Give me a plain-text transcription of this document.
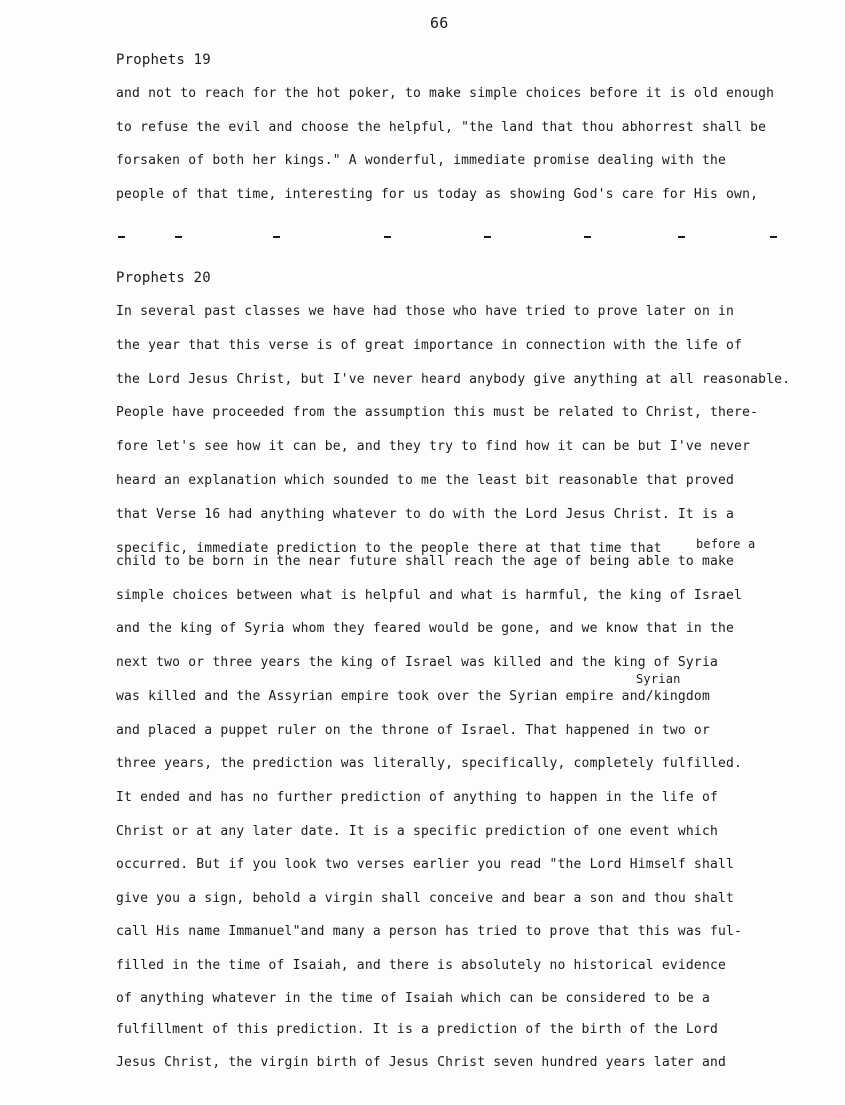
66
Prophets 19
and not to reach for the hot poker, to make simple choices before it is old enough
to refuse the evil and choose the helpful, "the land that thou abhorrest shall be
forsaken of both her kings." A wonderful, immediate promise dealing with the
people of that time, interesting for us today as showing God's care for His own,
Prophets 20
In several past classes we have had those who have tried to prove later on in
the year that this verse is of great importance in connection with the life of
the Lord Jesus Christ, but I've never heard anybody give anything at all reasonable.
People have proceeded from the assumption this must be related to Christ, there-
fore let's see how it can be, and they try to find how it can be but I've never
heard an explanation which sounded to me the least bit reasonable that proved
that Verse 16 had anything whatever to do with the Lord Jesus Christ. It is a
specific, immediate prediction to the people there at that time that	before a
child to be born in the near future shall reach the age of being able to make
simple choices between what is helpful and what is harmful, the king of Israel
and the king of Syria whom they feared would be gone, and we know that in the
next two or three years the king of Israel was killed and the king of Syria
Syrian
was killed and the Assyrian empire took over the Syrian empire and/kingdom
and placed a puppet ruler on the throne of Israel. That happened in two or
three years, the prediction was literally, specifically, completely fulfilled.
It ended and has no further prediction of anything to happen in the life of
Christ or at any later date. It is a specific prediction of one event which
occurred. But if you look two verses earlier you read "the Lord Himself shall
give you a sign, behold a virgin shall conceive and bear a son and thou shalt
call His name Immanuel"and many a person has tried to prove that this was ful-
filled in the time of Isaiah, and there is absolutely no historical evidence
of anything whatever in the time of Isaiah which can be considered to be a
fulfillment of this prediction. It is a prediction of the birth of the Lord
Jesus Christ, the virgin birth of Jesus Christ seven hundred years later and
